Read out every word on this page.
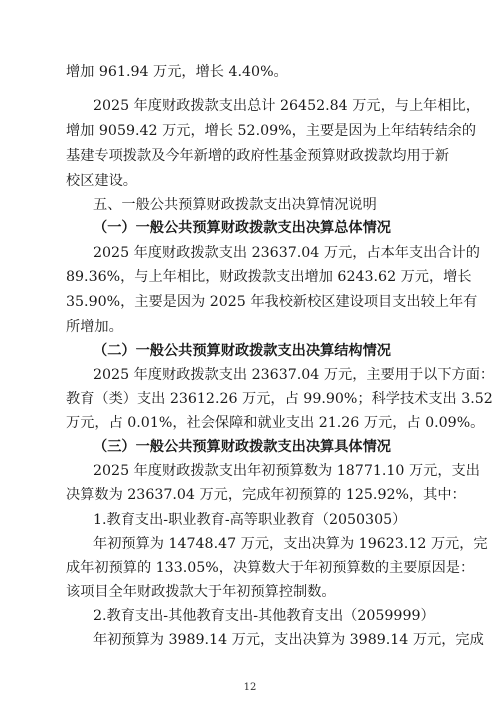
增加 961.94 万元，增长 4.40%。
2025 年度财政拨款支出总计 26452.84 万元，与上年相比，
增加 9059.42 万元，增长 52.09%，主要是因为上年结转结余的
基建专项拨款及今年新增的政府性基金预算财政拨款均用于新
校区建设。
五、一般公共预算财政拨款支出决算情况说明
（一）一般公共预算财政拨款支出决算总体情况
2025 年度财政拨款支出 23637.04 万元，占本年支出合计的
89.36%，与上年相比，财政拨款支出增加 6243.62 万元，增长
35.90%，主要是因为 2025 年我校新校区建设项目支出较上年有
所增加。
（二）一般公共预算财政拨款支出决算结构情况
2025 年度财政拨款支出 23637.04 万元，主要用于以下方面：
教育（类）支出 23612.26 万元，占 99.90%；科学技术支出 3.52
万元，占 0.01%，社会保障和就业支出 21.26 万元，占 0.09%。
（三）一般公共预算财政拨款支出决算具体情况
2025 年度财政拨款支出年初预算数为 18771.10 万元，支出
决算数为 23637.04 万元，完成年初预算的 125.92%，其中：
1.教育支出-职业教育-高等职业教育（2050305）
年初预算为 14748.47 万元，支出决算为 19623.12 万元，完
成年初预算的 133.05%，决算数大于年初预算数的主要原因是：
该项目全年财政拨款大于年初预算控制数。
2.教育支出-其他教育支出-其他教育支出（2059999）
年初预算为 3989.14 万元，支出决算为 3989.14 万元，完成
12
